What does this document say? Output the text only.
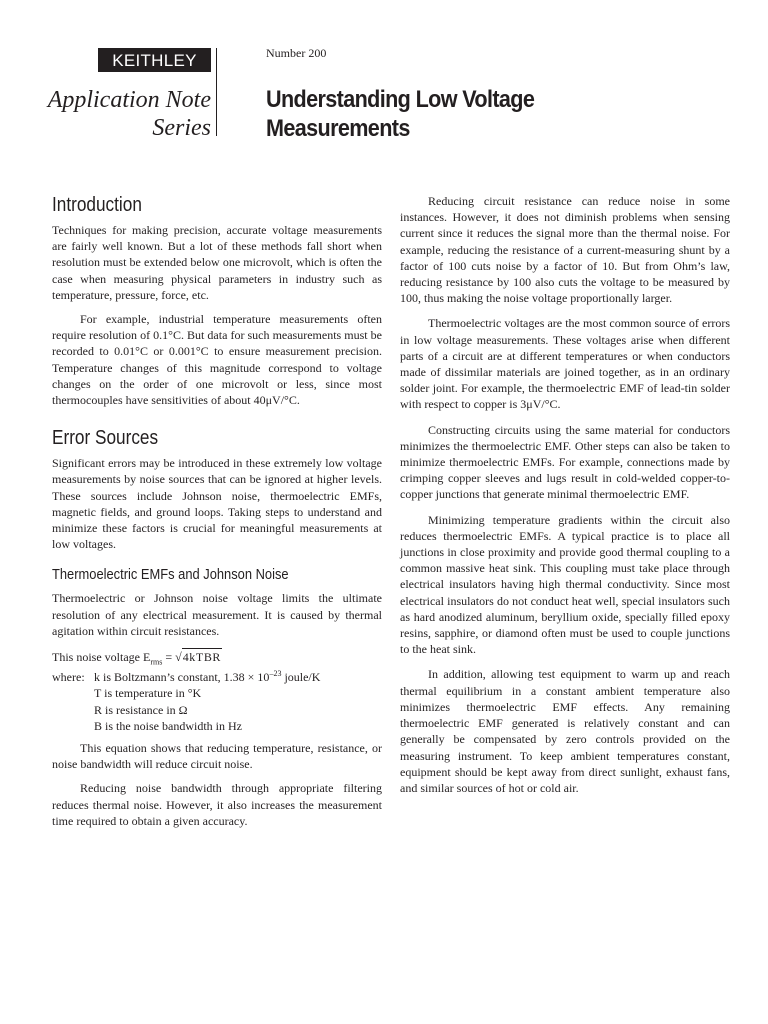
KEITHLEY
Application Note
Series
Number 200
Understanding Low Voltage
Measurements
Introduction

Techniques for making precision, accurate voltage measurements are fairly well known. But a lot of these methods fall short when resolution must be extended below one microvolt, which is often the case when measuring physical parameters in industry such as temperature, pressure, force, etc.

For example, industrial temperature measurements often require resolution of 0.1°C. But data for such measurements must be recorded to 0.01°C or 0.001°C to ensure measurement precision. Temperature changes of this magnitude correspond to voltage changes on the order of one microvolt or less, since most thermocouples have sensitivities of about 40μV/°C.

Error Sources

Significant errors may be introduced in these extremely low voltage measurements by noise sources that can be ignored at higher levels. These sources include Johnson noise, thermoelectric EMFs, magnetic fields, and ground loops. Taking steps to understand and minimize these factors is crucial for meaningful measurements at low voltages.

Thermoelectric EMFs and Johnson Noise

Thermoelectric or Johnson noise voltage limits the ultimate resolution of any electrical measurement. It is caused by thermal agitation within circuit resistances.

This noise voltage $E_{rms}$ = √4kTBR
where: k is Boltzmann’s constant, $1.38 \times 10^{-23}$ joule/K
T is temperature in °K
R is resistance in Ω
B is the noise bandwidth in Hz

This equation shows that reducing temperature, resistance, or noise bandwidth will reduce circuit noise.

Reducing noise bandwidth through appropriate filtering reduces thermal noise. However, it also increases the measurement time required to obtain a given accuracy.

Reducing circuit resistance can reduce noise in some instances. However, it does not diminish problems when sensing current since it reduces the signal more than the thermal noise. For example, reducing the resistance of a current-measuring shunt by a factor of 100 cuts noise by a factor of 10. But from Ohm’s law, reducing resistance by 100 also cuts the voltage to be measured by 100, thus making the noise voltage proportionally larger.

Thermoelectric voltages are the most common source of errors in low voltage measurements. These voltages arise when different parts of a circuit are at different temperatures or when conductors made of dissimilar materials are joined together, as in an ordinary solder joint. For example, the thermoelectric EMF of lead-tin solder with respect to copper is 3μV/°C.

Constructing circuits using the same material for conductors minimizes the thermoelectric EMF. Other steps can also be taken to minimize thermoelectric EMFs. For example, connections made by crimping copper sleeves and lugs result in cold-welded copper-to-copper junctions that generate minimal thermoelectric EMF.

Minimizing temperature gradients within the circuit also reduces thermoelectric EMFs. A typical practice is to place all junctions in close proximity and provide good thermal coupling to a common massive heat sink. This coupling must take place through electrical insulators having high thermal conductivity. Since most electrical insulators do not conduct heat well, special insulators such as hard anodized aluminum, beryllium oxide, specially filled epoxy resins, sapphire, or diamond often must be used to couple junctions to the heat sink.

In addition, allowing test equipment to warm up and reach thermal equilibrium in a constant ambient temperature also minimizes thermoelectric EMF effects. Any remaining thermoelectric EMF generated is relatively constant and can generally be compensated by zero controls provided on the measuring instrument. To keep ambient temperatures constant, equipment should be kept away from direct sunlight, exhaust fans, and similar sources of hot or cold air.
